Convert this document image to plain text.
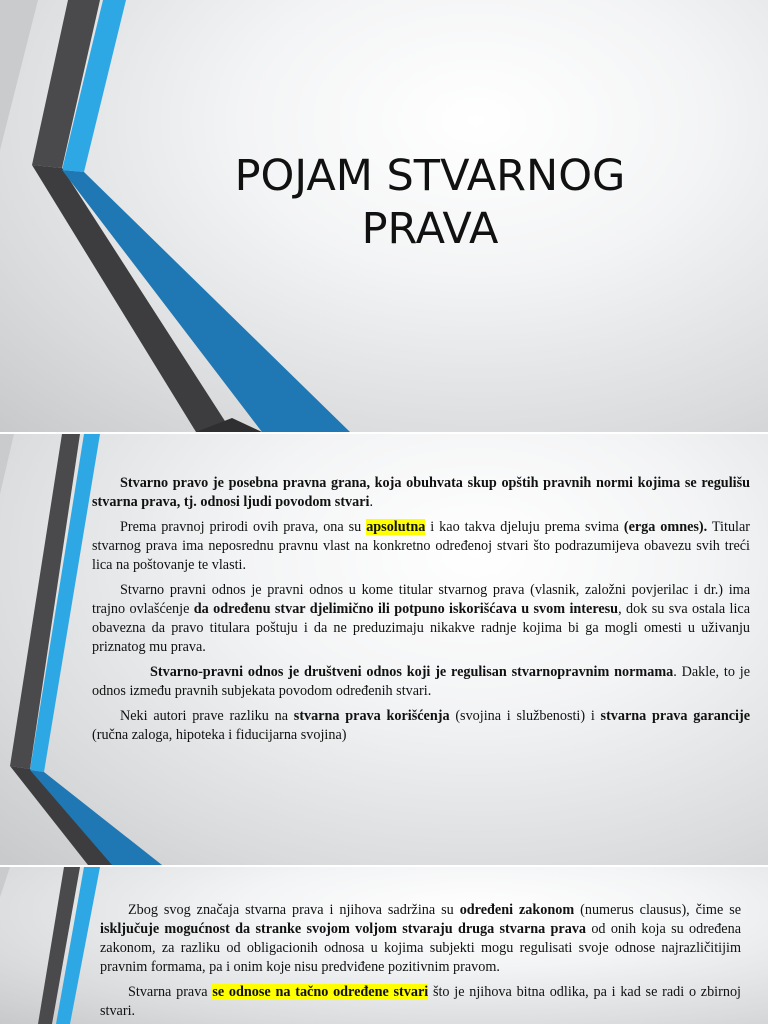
POJAM STVARNOG
PRAVA

Stvarno pravo je posebna pravna grana, koja obuhvata skup opštih pravnih normi kojima se regulišu stvarna prava, tj. odnosi ljudi povodom stvari.

Prema pravnoj prirodi ovih prava, ona su apsolutna i kao takva djeluju prema svima (erga omnes). Titular stvarnog prava ima neposrednu pravnu vlast na konkretno određenoj stvari što podrazumijeva obavezu svih treći lica na poštovanje te vlasti.

Stvarno pravni odnos je pravni odnos u kome titular stvarnog prava (vlasnik, založni povjerilac i dr.) ima trajno ovlašćenje da određenu stvar djelimično ili potpuno iskorišćava u svom interesu, dok su sva ostala lica obavezna da pravo titulara poštuju i da ne preduzimaju nikakve radnje kojima bi ga mogli omesti u uživanju priznatog mu prava.

Stvarno-pravni odnos je društveni odnos koji je regulisan stvarnopravnim normama. Dakle, to je odnos između pravnih subjekata povodom određenih stvari.

Neki autori prave razliku na stvarna prava korišćenja (svojina i službenosti) i stvarna prava garancije (ručna zaloga, hipoteka i fiducijarna svojina)

Zbog svog značaja stvarna prava i njihova sadržina su određeni zakonom (numerus clausus), čime se isključuje mogućnost da stranke svojom voljom stvaraju druga stvarna prava od onih koja su određena zakonom, za razliku od obligacionih odnosa u kojima subjekti mogu regulisati svoje odnose najrazličitijim pravnim formama, pa i onim koje nisu predviđene pozitivnim pravom.

Stvarna prava se odnose na tačno određene stvari što je njihova bitna odlika, pa i kad se radi o zbirnoj stvari.
